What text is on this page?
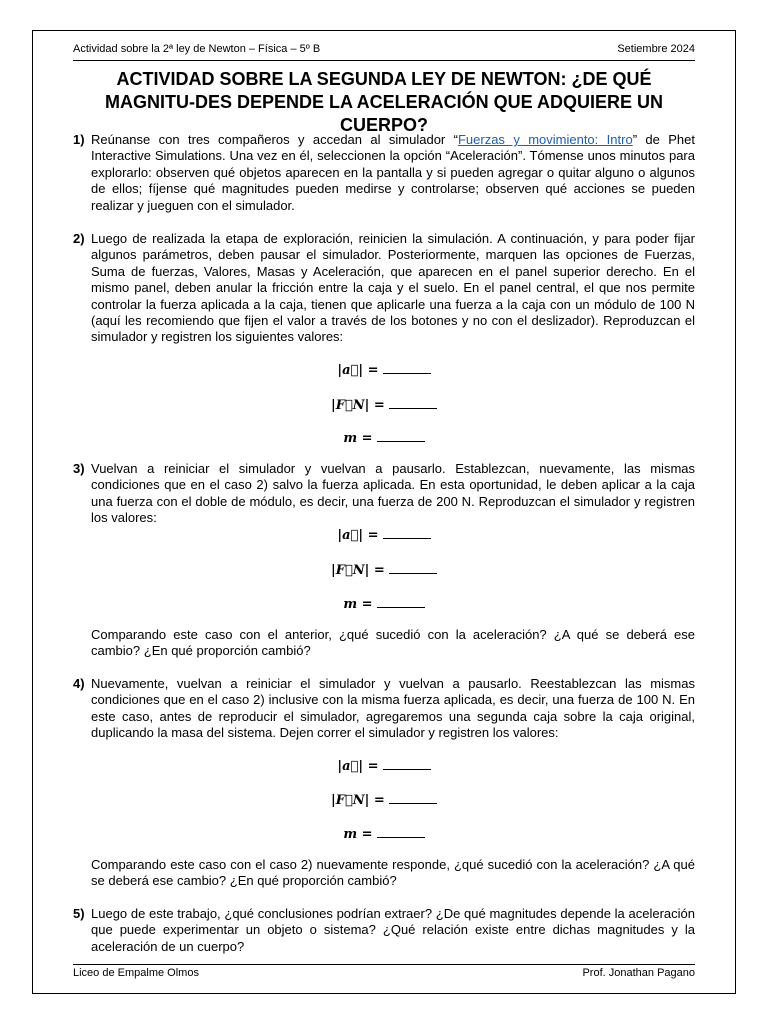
Actividad sobre la 2ª ley de Newton – Física – 5º B	Setiembre 2024
ACTIVIDAD SOBRE LA SEGUNDA LEY DE NEWTON: ¿DE QUÉ MAGNITU-DES DEPENDE LA ACELERACIÓN QUE ADQUIERE UN CUERPO?
1) Reúnanse con tres compañeros y accedan al simulador “Fuerzas y movimiento: Intro” de Phet Interactive Simulations. Una vez en él, seleccionen la opción “Aceleración”. Tómense unos minutos para explorarlo: observen qué objetos aparecen en la pantalla y si pueden agregar o quitar alguno o algunos de ellos; fíjense qué magnitudes pueden medirse y controlarse; observen qué acciones se pueden realizar y jueguen con el simulador.
2) Luego de realizada la etapa de exploración, reinicien la simulación. A continuación, y para poder fijar algunos parámetros, deben pausar el simulador. Posteriormente, marquen las opciones de Fuerzas, Suma de fuerzas, Valores, Masas y Aceleración, que aparecen en el panel superior derecho. En el mismo panel, deben anular la fricción entre la caja y el suelo. En el panel central, el que nos permite controlar la fuerza aplicada a la caja, tienen que aplicarle una fuerza a la caja con un módulo de 100 N (aquí les recomiendo que fijen el valor a través de los botones y no con el deslizador). Reproduzcan el simulador y registren los siguientes valores:
|a⃗| =
|F⃗N| =
m =
3) Vuelvan a reiniciar el simulador y vuelvan a pausarlo. Establezcan, nuevamente, las mismas condiciones que en el caso 2) salvo la fuerza aplicada. En esta oportunidad, le deben aplicar a la caja una fuerza con el doble de módulo, es decir, una fuerza de 200 N. Reproduzcan el simulador y registren los valores:
|a⃗| =
|F⃗N| =
m =
Comparando este caso con el anterior, ¿qué sucedió con la aceleración? ¿A qué se deberá ese cambio? ¿En qué proporción cambió?
4) Nuevamente, vuelvan a reiniciar el simulador y vuelvan a pausarlo. Reestablezcan las mismas condiciones que en el caso 2) inclusive con la misma fuerza aplicada, es decir, una fuerza de 100 N. En este caso, antes de reproducir el simulador, agregaremos una segunda caja sobre la caja original, duplicando la masa del sistema. Dejen correr el simulador y registren los valores:
|a⃗| =
|F⃗N| =
m =
Comparando este caso con el caso 2) nuevamente responde, ¿qué sucedió con la aceleración? ¿A qué se deberá ese cambio? ¿En qué proporción cambió?
5) Luego de este trabajo, ¿qué conclusiones podrían extraer? ¿De qué magnitudes depende la aceleración que puede experimentar un objeto o sistema? ¿Qué relación existe entre dichas magnitudes y la aceleración de un cuerpo?
Liceo de Empalme Olmos	Prof. Jonathan Pagano
